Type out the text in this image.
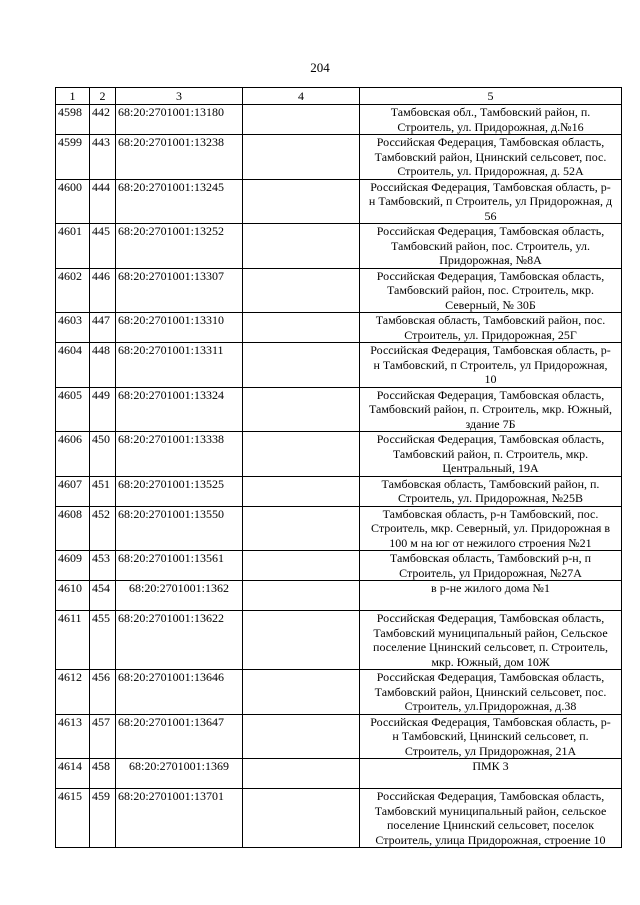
204
1	2	3	4	5
4598	442	68:20:2701001:13180		Тамбовская обл., Тамбовский район, п.
Строитель, ул. Придорожная, д.№16

4599	443	68:20:2701001:13238		Российская Федерация, Тамбовская область,
Тамбовский район, Цнинский сельсовет, пос.
Строитель, ул. Придорожная, д. 52А

4600	444	68:20:2701001:13245		Российская Федерация, Тамбовская область, р-
н Тамбовский, п Строитель, ул Придорожная, д
56

4601	445	68:20:2701001:13252		Российская Федерация, Тамбовская область,
Тамбовский район, пос. Строитель, ул.
Придорожная, №8А

4602	446	68:20:2701001:13307		Российская Федерация, Тамбовская область,
Тамбовский район, пос. Строитель, мкр.
Северный, № 30Б

4603	447	68:20:2701001:13310		Тамбовская область, Тамбовский район, пос.
Строитель, ул. Придорожная, 25Г

4604	448	68:20:2701001:13311		Российская Федерация, Тамбовская область, р-
н Тамбовский, п Строитель, ул Придорожная,
10

4605	449	68:20:2701001:13324		Российская Федерация, Тамбовская область,
Тамбовский район, п. Строитель, мкр. Южный,
здание 7Б

4606	450	68:20:2701001:13338		Российская Федерация, Тамбовская область,
Тамбовский район, п. Строитель, мкр.
Центральный, 19А

4607	451	68:20:2701001:13525		Тамбовская область, Тамбовский район, п.
Строитель, ул. Придорожная, №25В

4608	452	68:20:2701001:13550		Тамбовская область, р-н Тамбовский, пос.
Строитель, мкр. Северный, ул. Придорожная в
100 м на юг от нежилого строения №21

4609	453	68:20:2701001:13561		Тамбовская область, Тамбовский р-н, п
Строитель, ул Придорожная, №27А

4610	454	68:20:2701001:1362		в р-не жилого дома №1

4611	455	68:20:2701001:13622		Российская Федерация, Тамбовская область,
Тамбовский муниципальный район, Сельское
поселение Цнинский сельсовет, п. Строитель,
мкр. Южный, дом 10Ж

4612	456	68:20:2701001:13646		Российская Федерация, Тамбовская область,
Тамбовский район, Цнинский сельсовет, пос.
Строитель, ул.Придорожная, д.38

4613	457	68:20:2701001:13647		Российская Федерация, Тамбовская область, р-
н Тамбовский, Цнинский сельсовет, п.
Строитель, ул Придорожная, 21А

4614	458	68:20:2701001:1369		ПМК 3

4615	459	68:20:2701001:13701		Российская Федерация, Тамбовская область,
Тамбовский муниципальный район, сельское
поселение Цнинский сельсовет, поселок
Строитель, улица Придорожная, строение 10
